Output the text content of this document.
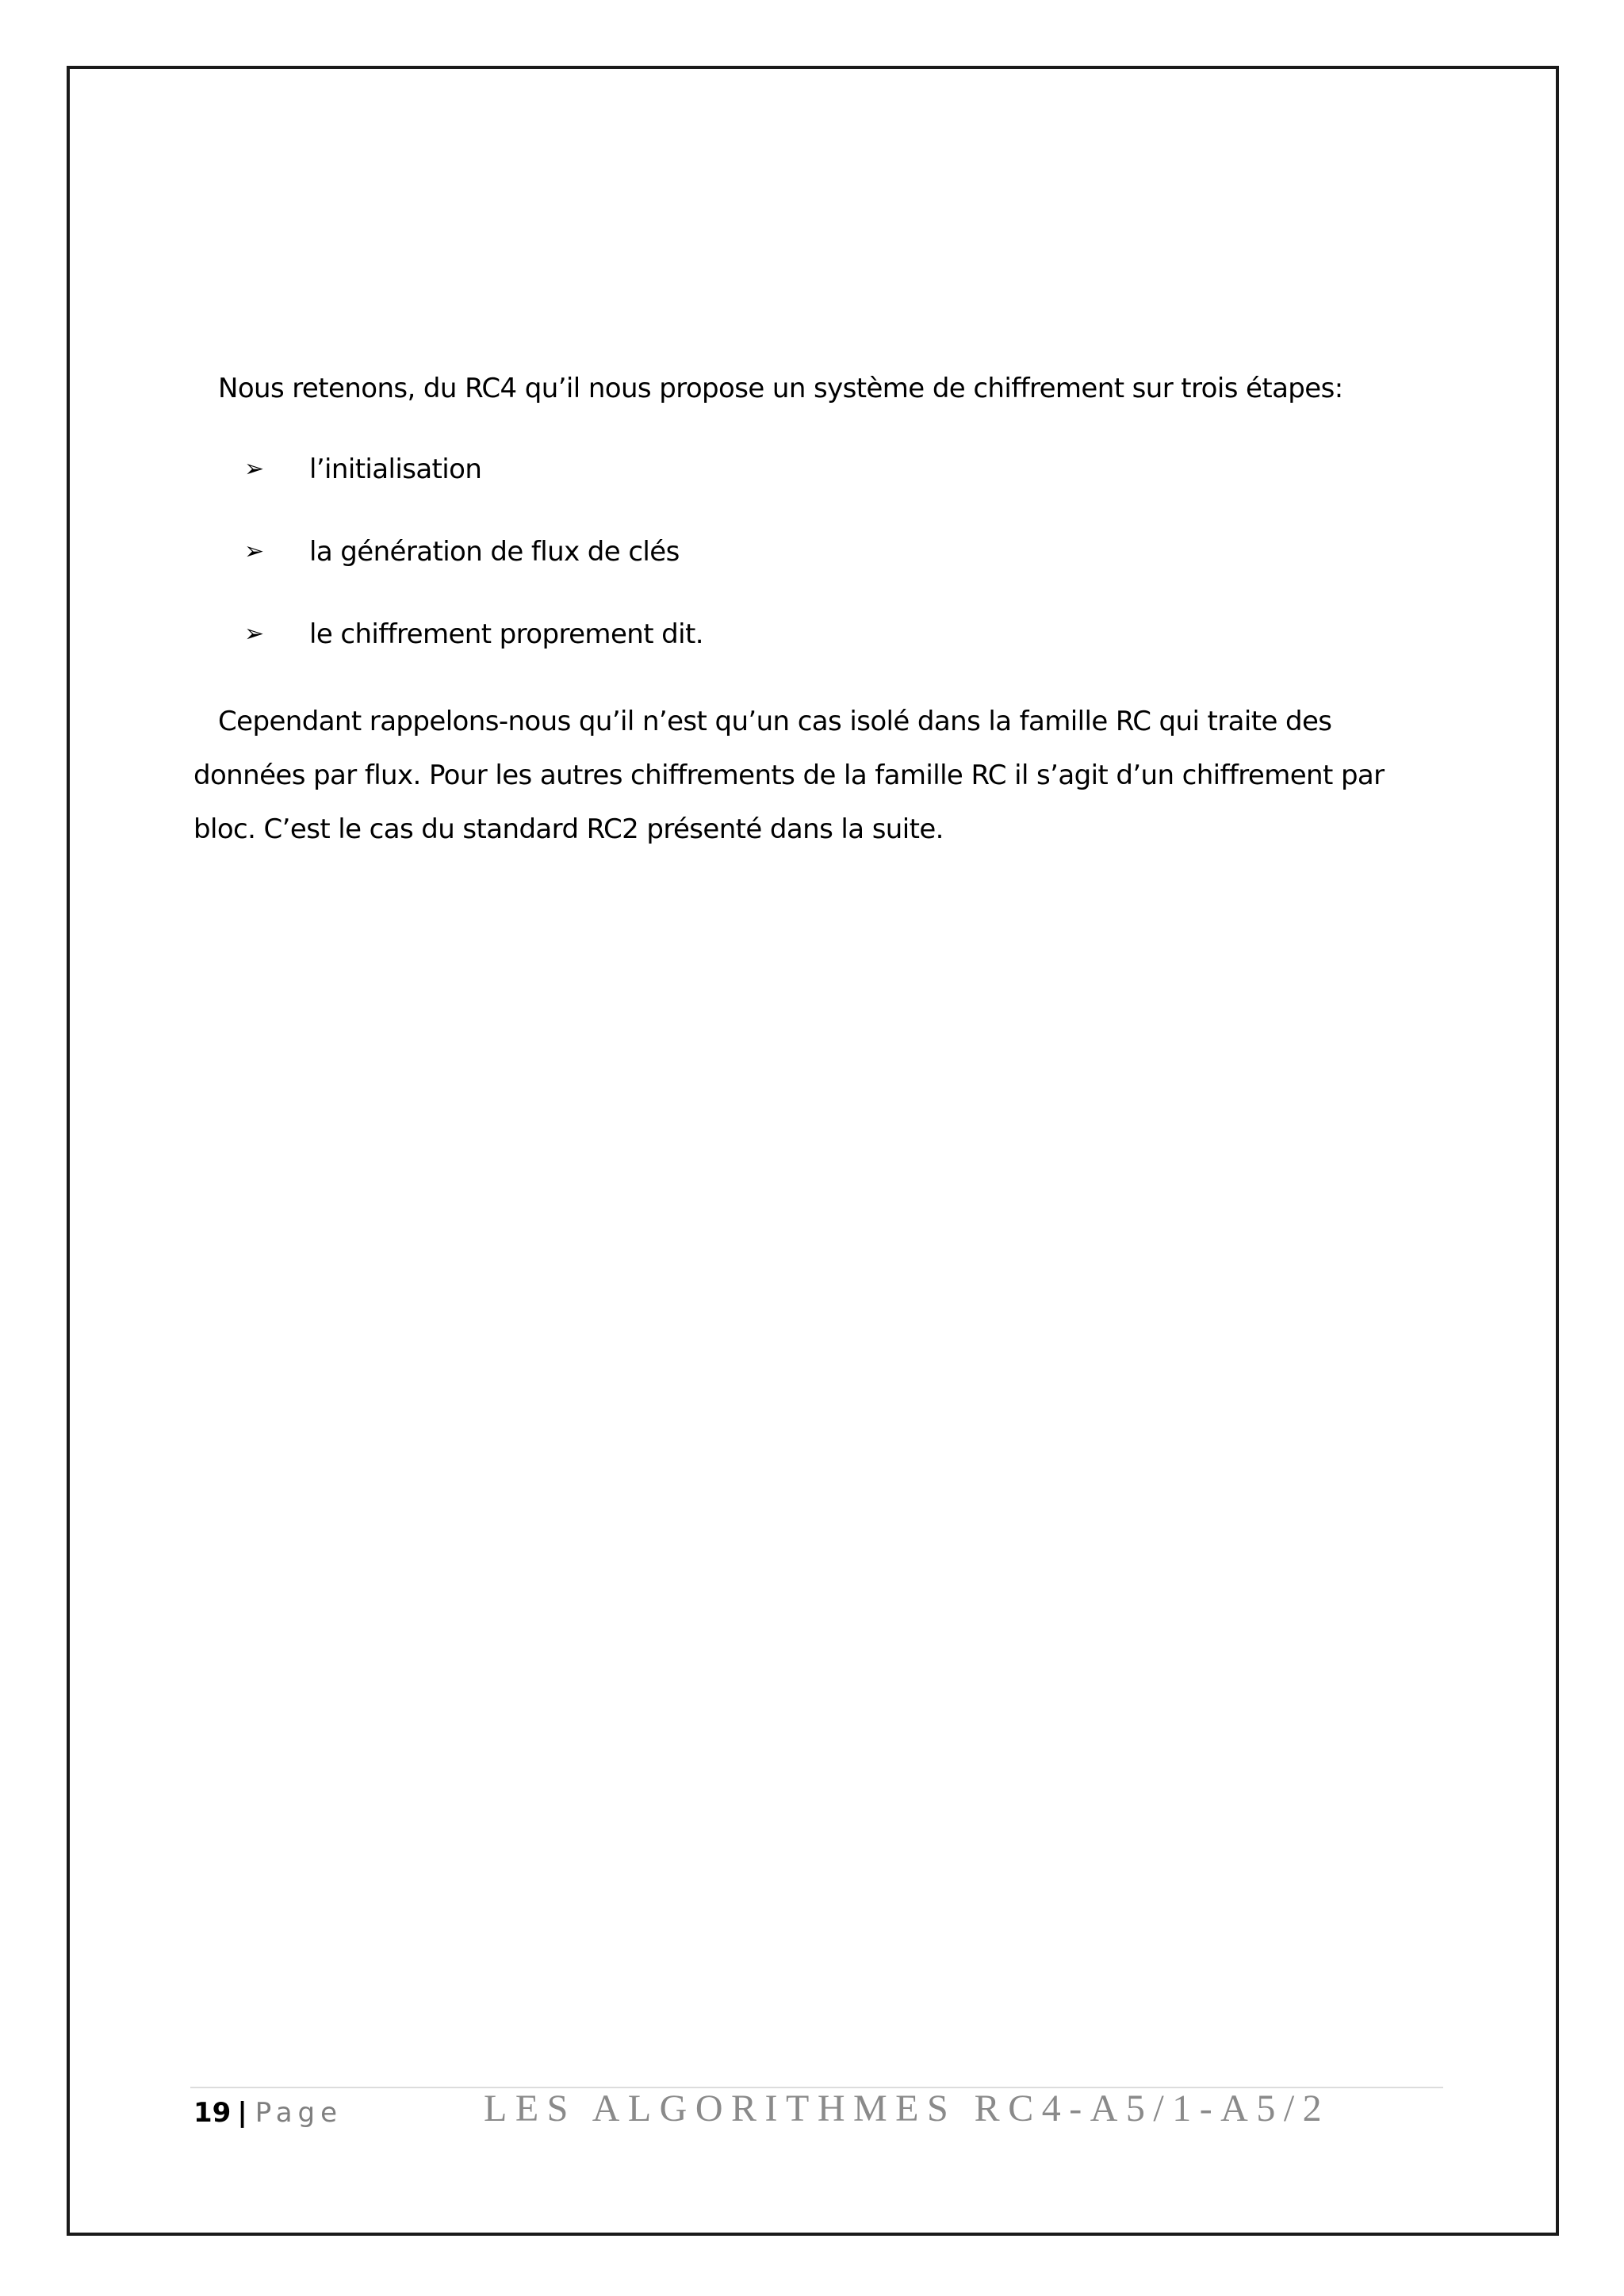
Nous retenons, du RC4 qu’il nous propose un système de chiffrement sur trois étapes:
➢ l’initialisation
➢ la génération de flux de clés
➢ le chiffrement proprement dit.
Cependant rappelons-nous qu’il n’est qu’un cas isolé dans la famille RC qui traite des données par flux. Pour les autres chiffrements de la famille RC il s’agit d’un chiffrement par bloc. C’est le cas du standard RC2 présenté dans la suite.
19 | Page	LES ALGORITHMES RC4-A5/1-A5/2
